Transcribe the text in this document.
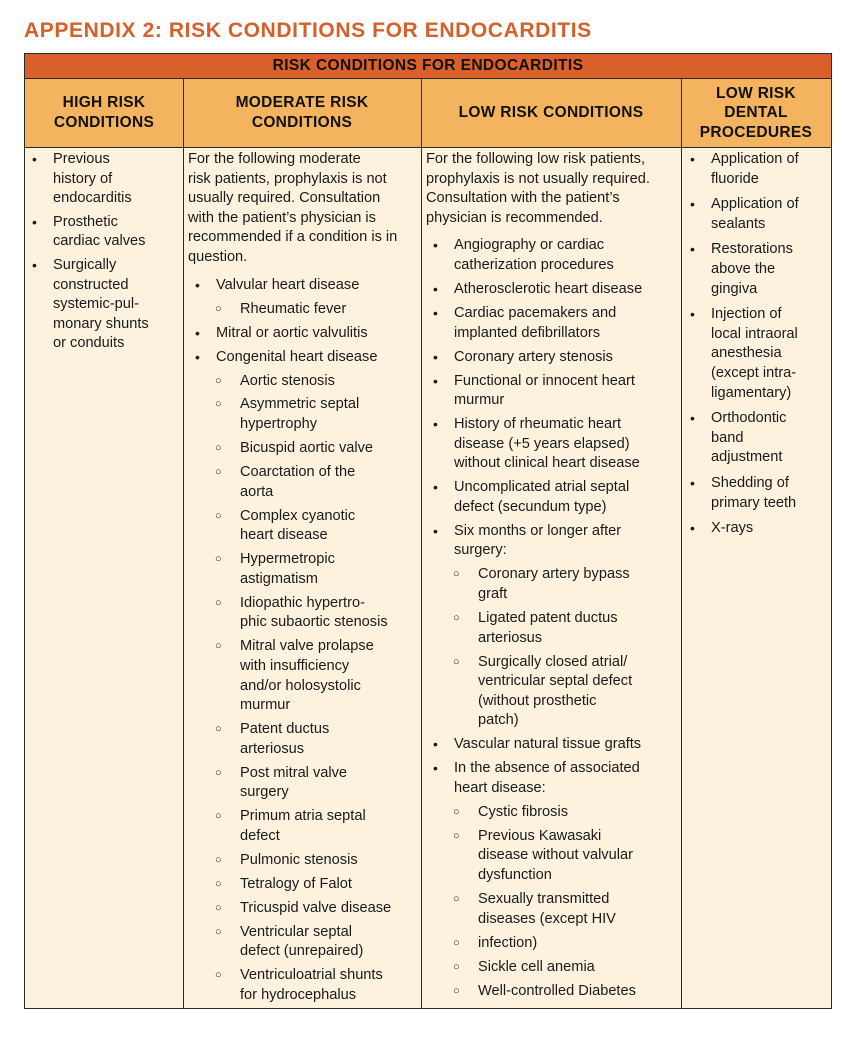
APPENDIX 2: RISK CONDITIONS FOR ENDOCARDITIS
RISK CONDITIONS FOR ENDOCARDITIS
HIGH RISK
CONDITIONS
MODERATE RISK
CONDITIONS
LOW RISK CONDITIONS
LOW RISK
DENTAL
PROCEDURES
• Previous
history of
endocarditis
• Prosthetic
cardiac valves
• Surgically
constructed
systemic-pul-
monary shunts
or conduits

For the following moderate
risk patients, prophylaxis is not
usually required. Consultation
with the patient’s physician is
recommended if a condition is in
question.

• Valvular heart disease
○ Rheumatic fever
• Mitral or aortic valvulitis
• Congenital heart disease
○ Aortic stenosis
○ Asymmetric septal
hypertrophy
○ Bicuspid aortic valve
○ Coarctation of the
aorta
○ Complex cyanotic
heart disease
○ Hypermetropic
astigmatism
○ Idiopathic hypertro-
phic subaortic stenosis
○ Mitral valve prolapse
with insufficiency
and/or holosystolic
murmur
○ Patent ductus
arteriosus
○ Post mitral valve
surgery
○ Primum atria septal
defect
○ Pulmonic stenosis
○ Tetralogy of Falot
○ Tricuspid valve disease
○ Ventricular septal
defect (unrepaired)
○ Ventriculoatrial shunts
for hydrocephalus

For the following low risk patients,
prophylaxis is not usually required.
Consultation with the patient’s
physician is recommended.

• Angiography or cardiac
catherization procedures
• Atherosclerotic heart disease
• Cardiac pacemakers and
implanted defibrillators
• Coronary artery stenosis
• Functional or innocent heart
murmur
• History of rheumatic heart
disease (+5 years elapsed)
without clinical heart disease
• Uncomplicated atrial septal
defect (secundum type)
• Six months or longer after
surgery:
○ Coronary artery bypass
graft
○ Ligated patent ductus
arteriosus
○ Surgically closed atrial/
ventricular septal defect
(without prosthetic
patch)
• Vascular natural tissue grafts
• In the absence of associated
heart disease:
○ Cystic fibrosis
○ Previous Kawasaki
disease without valvular
dysfunction
○ Sexually transmitted
diseases (except HIV
○ infection)
○ Sickle cell anemia
○ Well-controlled Diabetes
• Application of
fluoride
• Application of
sealants
• Restorations
above the
gingiva
• Injection of
local intraoral
anesthesia
(except intra-
ligamentary)
• Orthodontic
band
adjustment
• Shedding of
primary teeth
• X-rays
